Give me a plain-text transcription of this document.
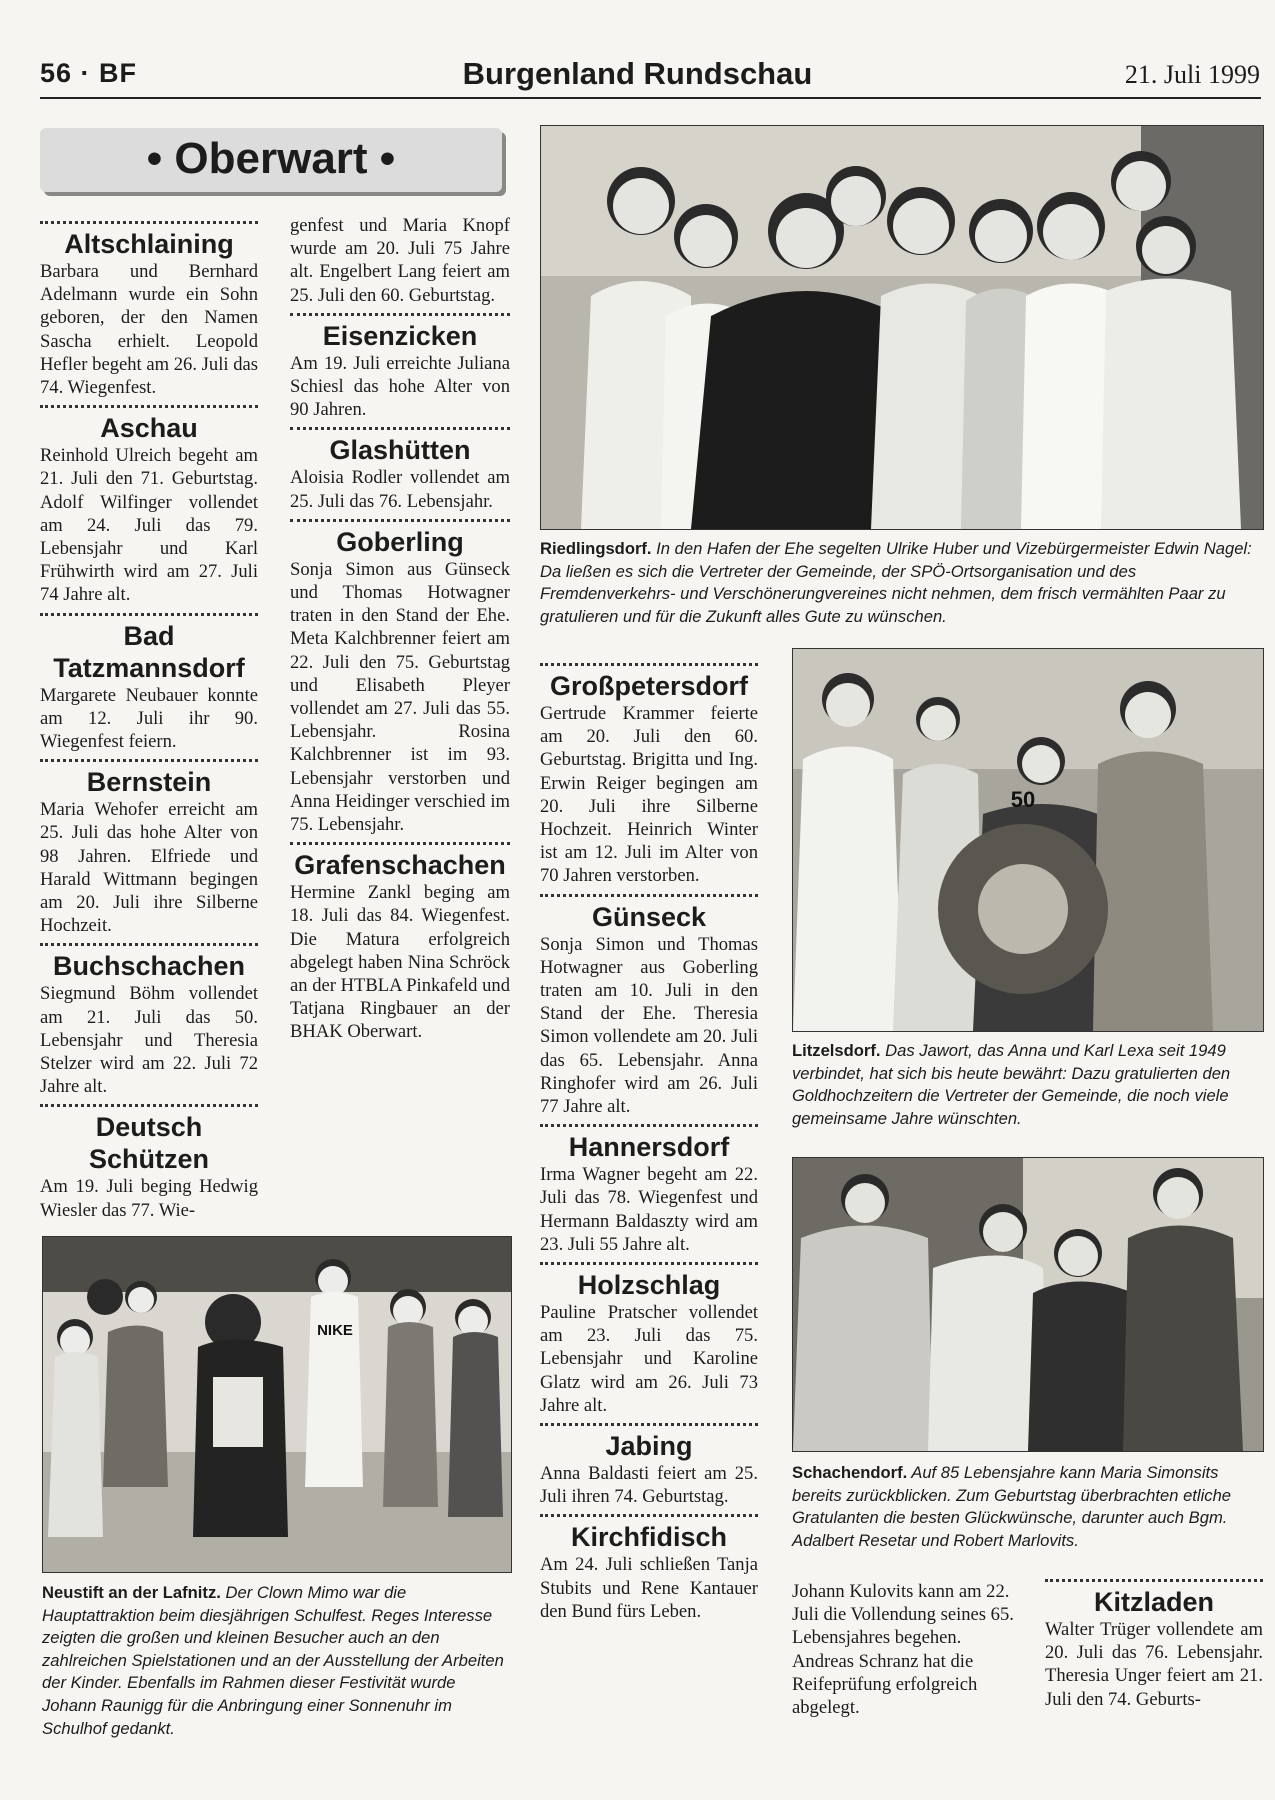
56 · BF	Burgenland Rundschau	21. Juli 1999
• Oberwart •
Altschlaining

Barbara und Bernhard Adelmann wurde ein Sohn geboren, der den Namen Sascha erhielt. Leopold Hefler begeht am 26. Juli das 74. Wiegenfest.

Aschau

Reinhold Ulreich begeht am 21. Juli den 71. Geburtstag. Adolf Wilfinger vollendet am 24. Juli das 79. Lebensjahr und Karl Frühwirth wird am 27. Juli 74 Jahre alt.

Bad Tatzmannsdorf

Margarete Neubauer konnte am 12. Juli ihr 90. Wiegenfest feiern.

Bernstein

Maria Wehofer erreicht am 25. Juli das hohe Alter von 98 Jahren. Elfriede und Harald Wittmann begingen am 20. Juli ihre Silberne Hochzeit.

Buchschachen

Siegmund Böhm vollendet am 21. Juli das 50. Lebensjahr und Theresia Stelzer wird am 22. Juli 72 Jahre alt.

Deutsch Schützen

Am 19. Juli beging Hedwig Wiesler das 77. Wie-

genfest und Maria Knopf wurde am 20. Juli 75 Jahre alt. Engelbert Lang feiert am 25. Juli den 60. Geburtstag.

Eisenzicken

Am 19. Juli erreichte Juliana Schiesl das hohe Alter von 90 Jahren.

Glashütten

Aloisia Rodler vollendet am 25. Juli das 76. Lebensjahr.

Goberling

Sonja Simon aus Günseck und Thomas Hotwagner traten in den Stand der Ehe. Meta Kalchbrenner feiert am 22. Juli den 75. Geburtstag und Elisabeth Pleyer vollendet am 27. Juli das 55. Lebensjahr. Rosina Kalchbrenner ist im 93. Lebensjahr verstorben und Anna Heidinger verschied im 75. Lebensjahr.

Grafenschachen

Hermine Zankl beging am 18. Juli das 84. Wiegenfest. Die Matura erfolgreich abgelegt haben Nina Schröck an der HTBLA Pinkafeld und Tatjana Ringbauer an der BHAK Oberwart.

Riedlingsdorf. In den Hafen der Ehe segelten Ulrike Huber und Vizebürgermeister Edwin Nagel: Da ließen es sich die Vertreter der Gemeinde, der SPÖ-Ortsorganisation und des Fremdenverkehrs- und Verschönerungvereines nicht nehmen, dem frisch vermählten Paar zu gratulieren und für die Zukunft alles Gute zu wünschen.
Großpetersdorf

Gertrude Krammer feierte am 20. Juli den 60. Geburtstag. Brigitta und Ing. Erwin Reiger begingen am 20. Juli ihre Silberne Hochzeit. Heinrich Winter ist am 12. Juli im Alter von 70 Jahren verstorben.

Günseck

Sonja Simon und Thomas Hotwagner aus Goberling traten am 10. Juli in den Stand der Ehe. Theresia Simon vollendete am 20. Juli das 65. Lebensjahr. Anna Ringhofer wird am 26. Juli 77 Jahre alt.

Hannersdorf

Irma Wagner begeht am 22. Juli das 78. Wiegenfest und Hermann Baldaszty wird am 23. Juli 55 Jahre alt.

Holzschlag

Pauline Pratscher vollendet am 23. Juli das 75. Lebensjahr und Karoline Glatz wird am 26. Juli 73 Jahre alt.

Jabing

Anna Baldasti feiert am 25. Juli ihren 74. Geburtstag.

Kirchfidisch

Am 24. Juli schließen Tanja Stubits und Rene Kantauer den Bund fürs Leben.

50
Litzelsdorf. Das Jawort, das Anna und Karl Lexa seit 1949 verbindet, hat sich bis heute bewährt: Dazu gratulierten den Goldhochzeitern die Vertreter der Gemeinde, die noch viele gemeinsame Jahre wünschten.
Schachendorf. Auf 85 Lebensjahre kann Maria Simonsits bereits zurückblicken. Zum Geburtstag überbrachten etliche Gratulanten die besten Glückwünsche, darunter auch Bgm. Adalbert Resetar und Robert Marlovits.

Johann Kulovits kann am 22. Juli die Vollendung seines 65. Lebensjahres begehen. Andreas Schranz hat die Reifeprüfung erfolgreich abgelegt.

Kitzladen

Walter Trüger vollendete am 20. Juli das 76. Lebensjahr. Theresia Unger feiert am 21. Juli den 74. Geburts-

NIKE
Neustift an der Lafnitz. Der Clown Mimo war die Hauptattraktion beim diesjährigen Schulfest. Reges Interesse zeigten die großen und kleinen Besucher auch an den zahlreichen Spielstationen und an der Ausstellung der Arbeiten der Kinder. Ebenfalls im Rahmen dieser Festivität wurde Johann Raunigg für die Anbringung einer Sonnenuhr im Schulhof gedankt.
